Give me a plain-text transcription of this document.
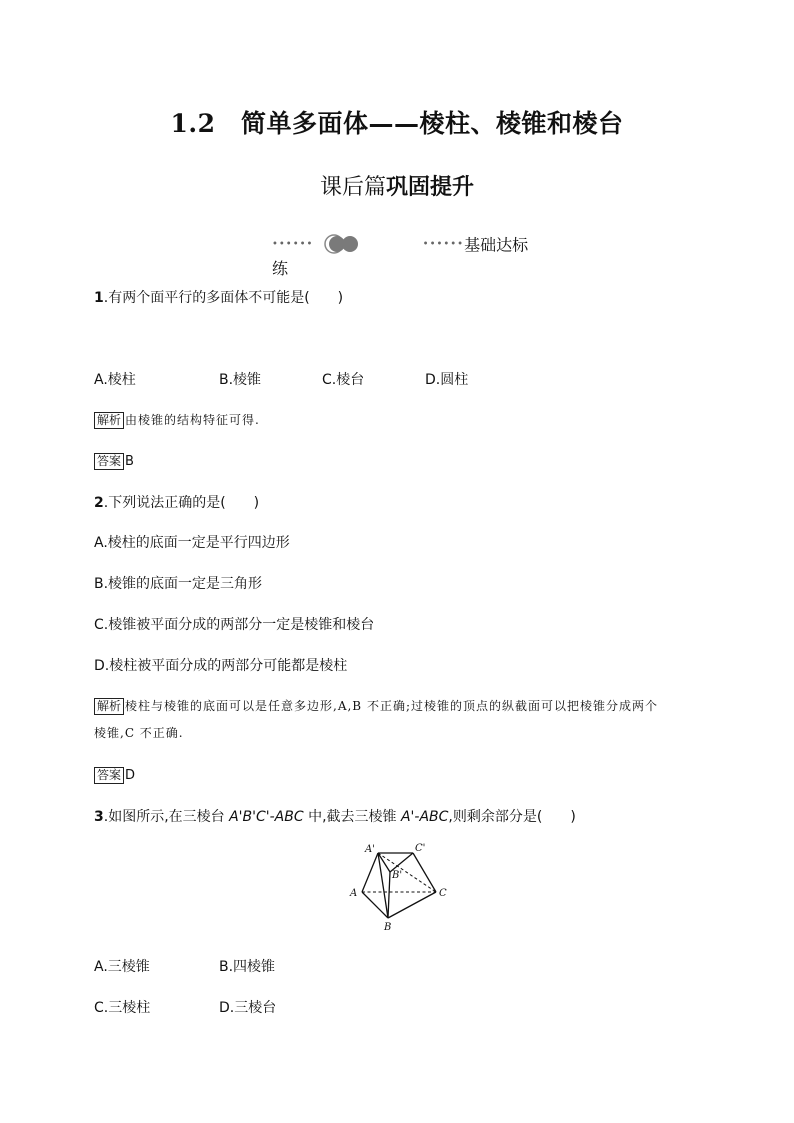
1.2　简单多面体——棱柱、棱锥和棱台
课后篇巩固提升
••••••	••••••基础达标练
1.有两个面平行的多面体不可能是(　　)
A.棱柱	B.棱锥	C.棱台	D.圆柱
解析 由棱锥的结构特征可得.
答案 B
2.下列说法正确的是(　　)
A.棱柱的底面一定是平行四边形
B.棱锥的底面一定是三角形
C.棱锥被平面分成的两部分一定是棱锥和棱台
D.棱柱被平面分成的两部分可能都是棱柱
解析 棱柱与棱锥的底面可以是任意多边形,A,B 不正确;过棱锥的顶点的纵截面可以把棱锥分成两个
棱锥,C 不正确.
答案 D
3.如图所示,在三棱台 A'B'C'-ABC 中,截去三棱锥 A'-ABC,则剩余部分是(　　)
A'	C'
B'
A	C
B
A.三棱锥	B.四棱锥
C.三棱柱	D.三棱台
